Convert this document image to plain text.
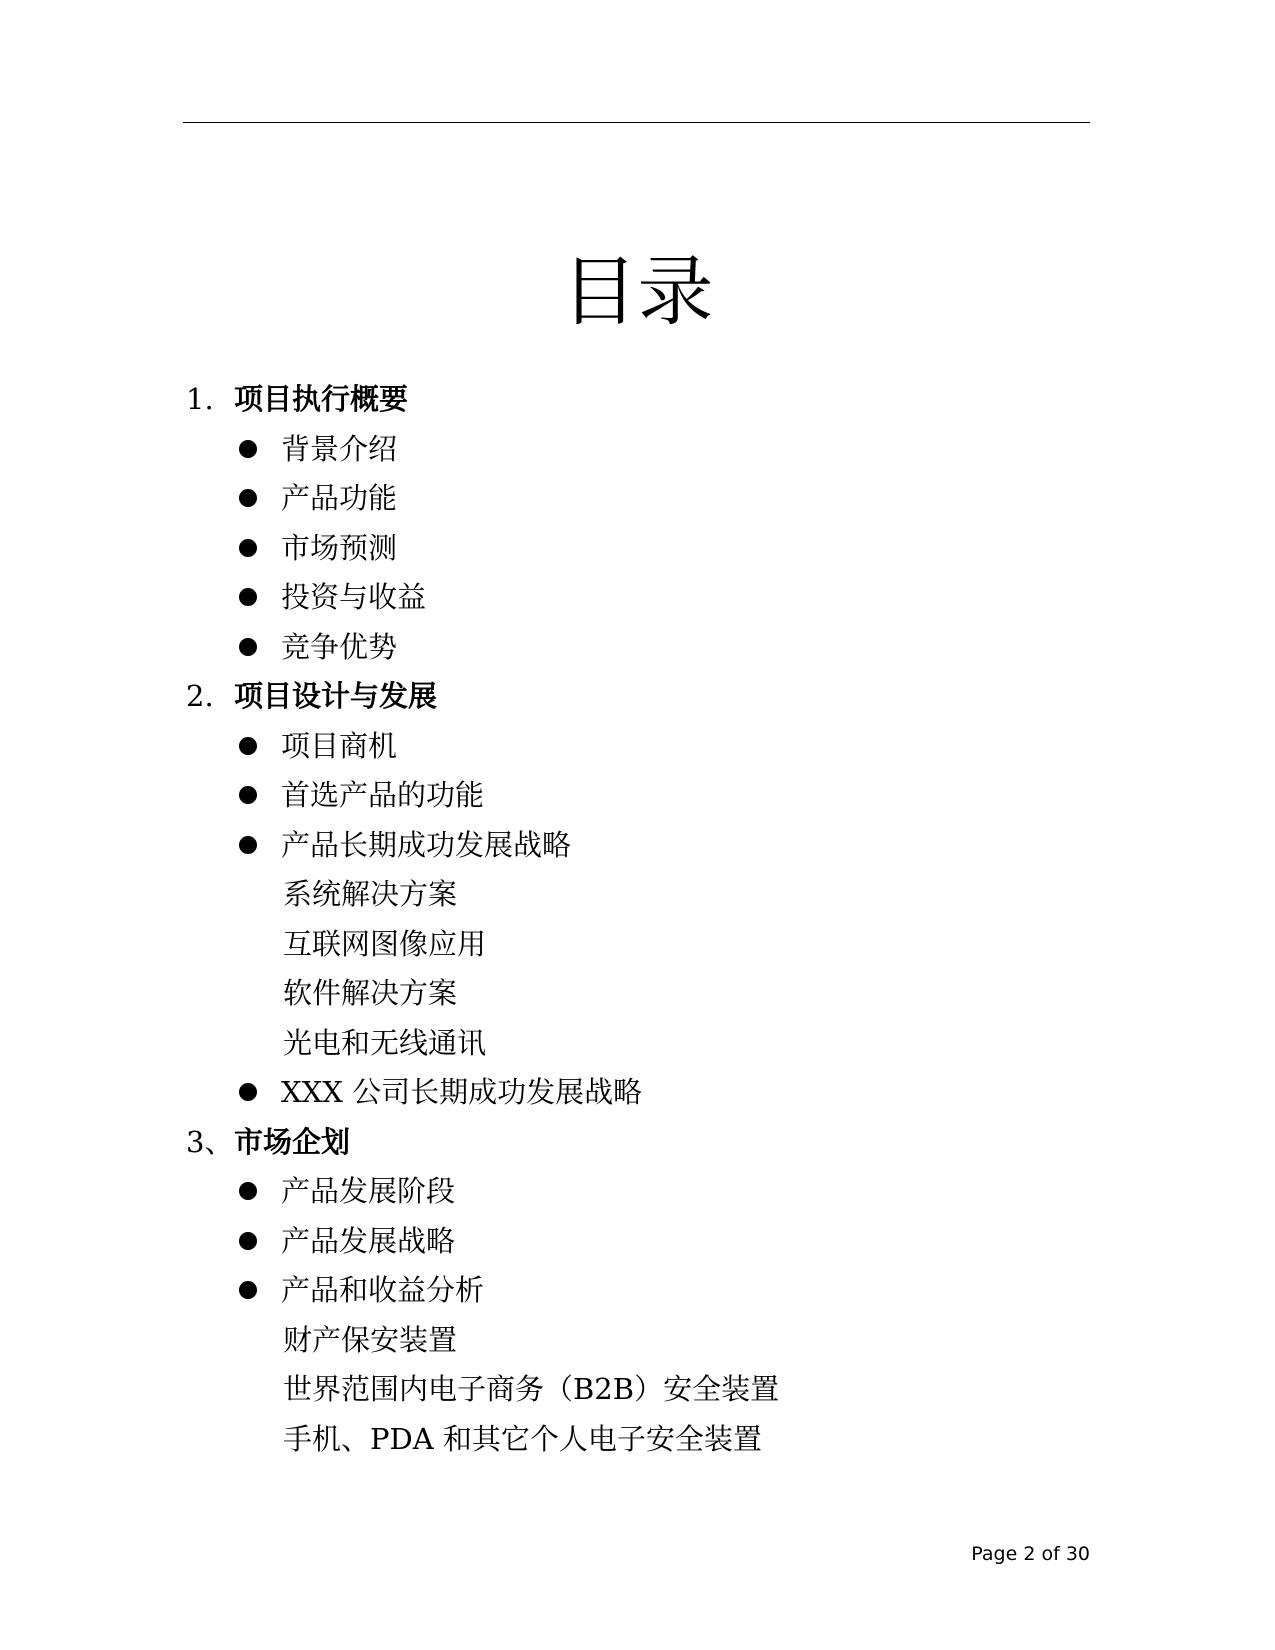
目录
1. 项目执行概要
背景介绍
产品功能
市场预测
投资与收益
竞争优势
2. 项目设计与发展
项目商机
首选产品的功能
产品长期成功发展战略
系统解决方案
互联网图像应用
软件解决方案
光电和无线通讯
XXX 公司长期成功发展战略
3、 市场企划
产品发展阶段
产品发展战略
产品和收益分析
财产保安装置
世界范围内电子商务（B2B）安全装置
手机、PDA 和其它个人电子安全装置
Page 2 of 30
